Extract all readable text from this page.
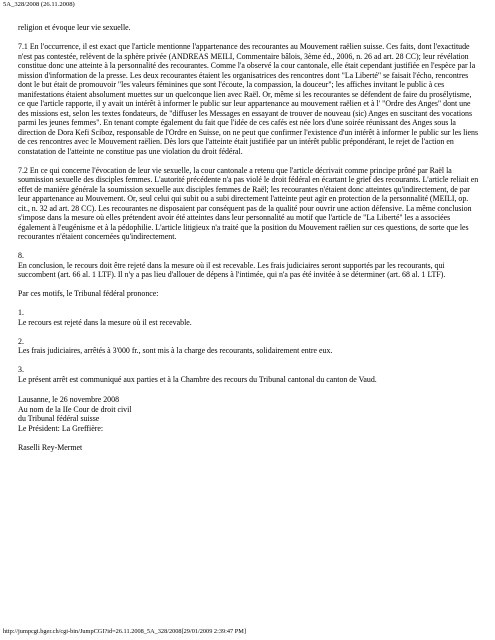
5A_328/2008 (26.11.2008)

religion et évoque leur vie sexuelle.

7.1 En l'occurrence, il est exact que l'article mentionne l'appartenance des recourantes au Mouvement raëlien suisse. Ces faits, dont l'exactitude n'est pas contestée, relèvent de la sphère privée (ANDREAS MEILI, Commentaire bâlois, 3ème éd., 2006, n. 26 ad art. 28 CC); leur révélation constitue donc une atteinte à la personnalité des recourantes. Comme l'a observé la cour cantonale, elle était cependant justifiée en l'espèce par la mission d'information de la presse. Les deux recourantes étaient les organisatrices des rencontres dont "La Liberté" se faisait l'écho, rencontres dont le but était de promouvoir "les valeurs féminines que sont l'écoute, la compassion, la douceur"; les affiches invitant le public à ces manifestations étaient absolument muettes sur un quelconque lien avec Raël. Or, même si les recourantes se défendent de faire du prosélytisme, ce que l'article rapporte, il y avait un intérêt à informer le public sur leur appartenance au mouvement raëlien et à l' "Ordre des Anges" dont une des missions est, selon les textes fondateurs, de "diffuser les Messages en essayant de trouver de nouveau (sic) Anges en suscitant des vocations parmi les jeunes femmes". En tenant compte également du fait que l'idée de ces cafés est née lors d'une soirée réunissant des Anges sous la direction de Dora Kefi Sciboz, responsable de l'Ordre en Suisse, on ne peut que confirmer l'existence d'un intérêt à informer le public sur les liens de ces rencontres avec le Mouvement raëlien. Dès lors que l'atteinte était justifiée par un intérêt public prépondérant, le rejet de l'action en constatation de l'atteinte ne constitue pas une violation du droit fédéral.

7.2 En ce qui concerne l'évocation de leur vie sexuelle, la cour cantonale a retenu que l'article décrivait comme principe prôné par Raël la soumission sexuelle des disciples femmes. L'autorité précédente n'a pas violé le droit fédéral en écartant le grief des recourants. L'article reliait en effet de manière générale la soumission sexuelle aux disciples femmes de Raël; les recourantes n'étaient donc atteintes qu'indirectement, de par leur appartenance au Mouvement. Or, seul celui qui subit ou a subi directement l'atteinte peut agir en protection de la personnalité (MEILI, op. cit., n. 32 ad art. 28 CC). Les recourantes ne disposaient par conséquent pas de la qualité pour ouvrir une action défensive. La même conclusion s'impose dans la mesure où elles prétendent avoir été atteintes dans leur personnalité au motif que l'article de "La Liberté" les a associées également à l'eugénisme et à la pédophilie. L'article litigieux n'a traité que la position du Mouvement raëlien sur ces questions, de sorte que les recourantes n'étaient concernées qu'indirectement.

8.
En conclusion, le recours doit être rejeté dans la mesure où il est recevable. Les frais judiciaires seront supportés par les recourants, qui succombent (art. 66 al. 1 LTF). Il n'y a pas lieu d'allouer de dépens à l'intimée, qui n'a pas été invitée à se déterminer (art. 68 al. 1 LTF).

Par ces motifs, le Tribunal fédéral prononce:

1.
Le recours est rejeté dans la mesure où il est recevable.

2.
Les frais judiciaires, arrêtés à 3'000 fr., sont mis à la charge des recourants, solidairement entre eux.

3.
Le présent arrêt est communiqué aux parties et à la Chambre des recours du Tribunal cantonal du canton de Vaud.

Lausanne, le 26 novembre 2008
Au nom de la IIe Cour de droit civil
du Tribunal fédéral suisse
Le Président: La Greffière:

Raselli Rey-Mermet

http://jumpcgi.bger.ch/cgi-bin/JumpCGI?id=26.11.2008_5A_328/2008[29/01/2009 2:39:47 PM]
